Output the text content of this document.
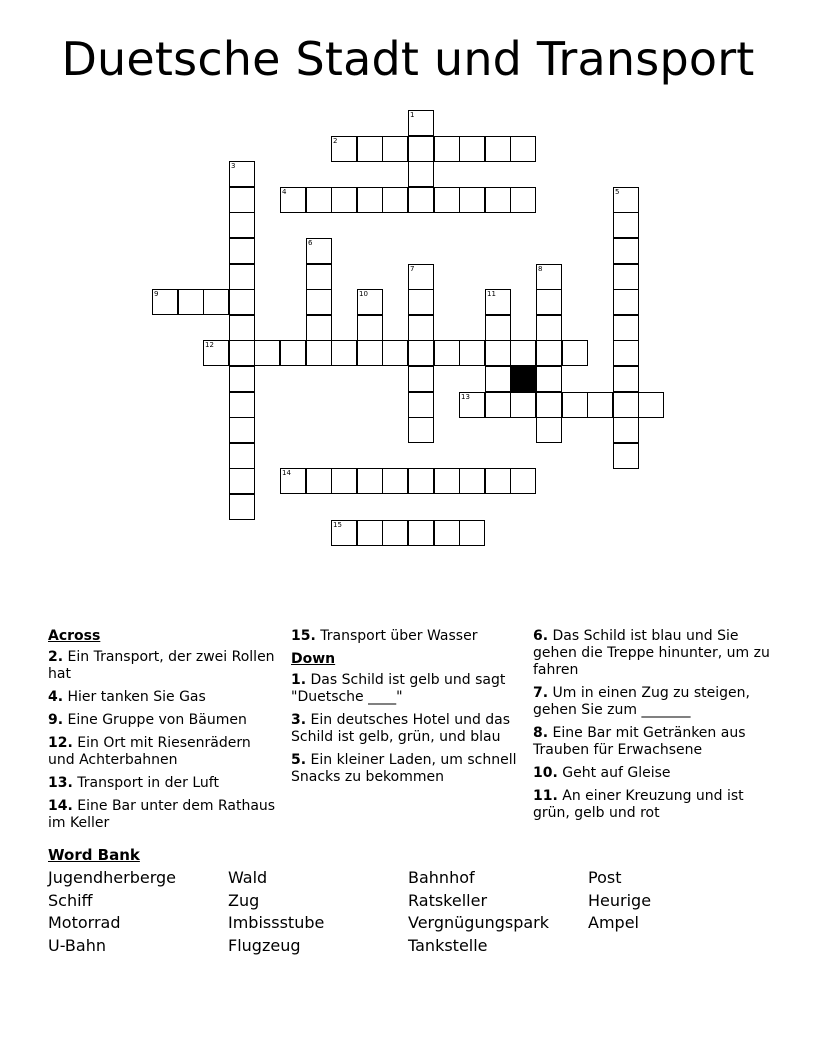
Duetsche Stadt und Transport
1
2
3
4	5
6
7	8
9	10	11
12
13
14
15
Across

2. Ein Transport, der zwei Rollen hat

4. Hier tanken Sie Gas

9. Eine Gruppe von Bäumen

12. Ein Ort mit Riesenrädern und Achterbahnen

13. Transport in der Luft

14. Eine Bar unter dem Rathaus im Keller

15. Transport über Wasser

Down

1. Das Schild ist gelb und sagt "Duetsche ____"

3. Ein deutsches Hotel und das Schild ist gelb, grün, und blau

5. Ein kleiner Laden, um schnell Snacks zu bekommen

6. Das Schild ist blau und Sie gehen die Treppe hinunter, um zu fahren

7. Um in einen Zug zu steigen, gehen Sie zum _______

8. Eine Bar mit Getränken aus Trauben für Erwachsene

10. Geht auf Gleise

11. An einer Kreuzung und ist grün, gelb und rot

Word Bank
Jugendherberge
Schiff
Motorrad
U-Bahn
Wald
Zug
Imbissstube
Flugzeug
Bahnhof
Ratskeller
Vergnügungspark
Tankstelle
Post
Heurige
Ampel
